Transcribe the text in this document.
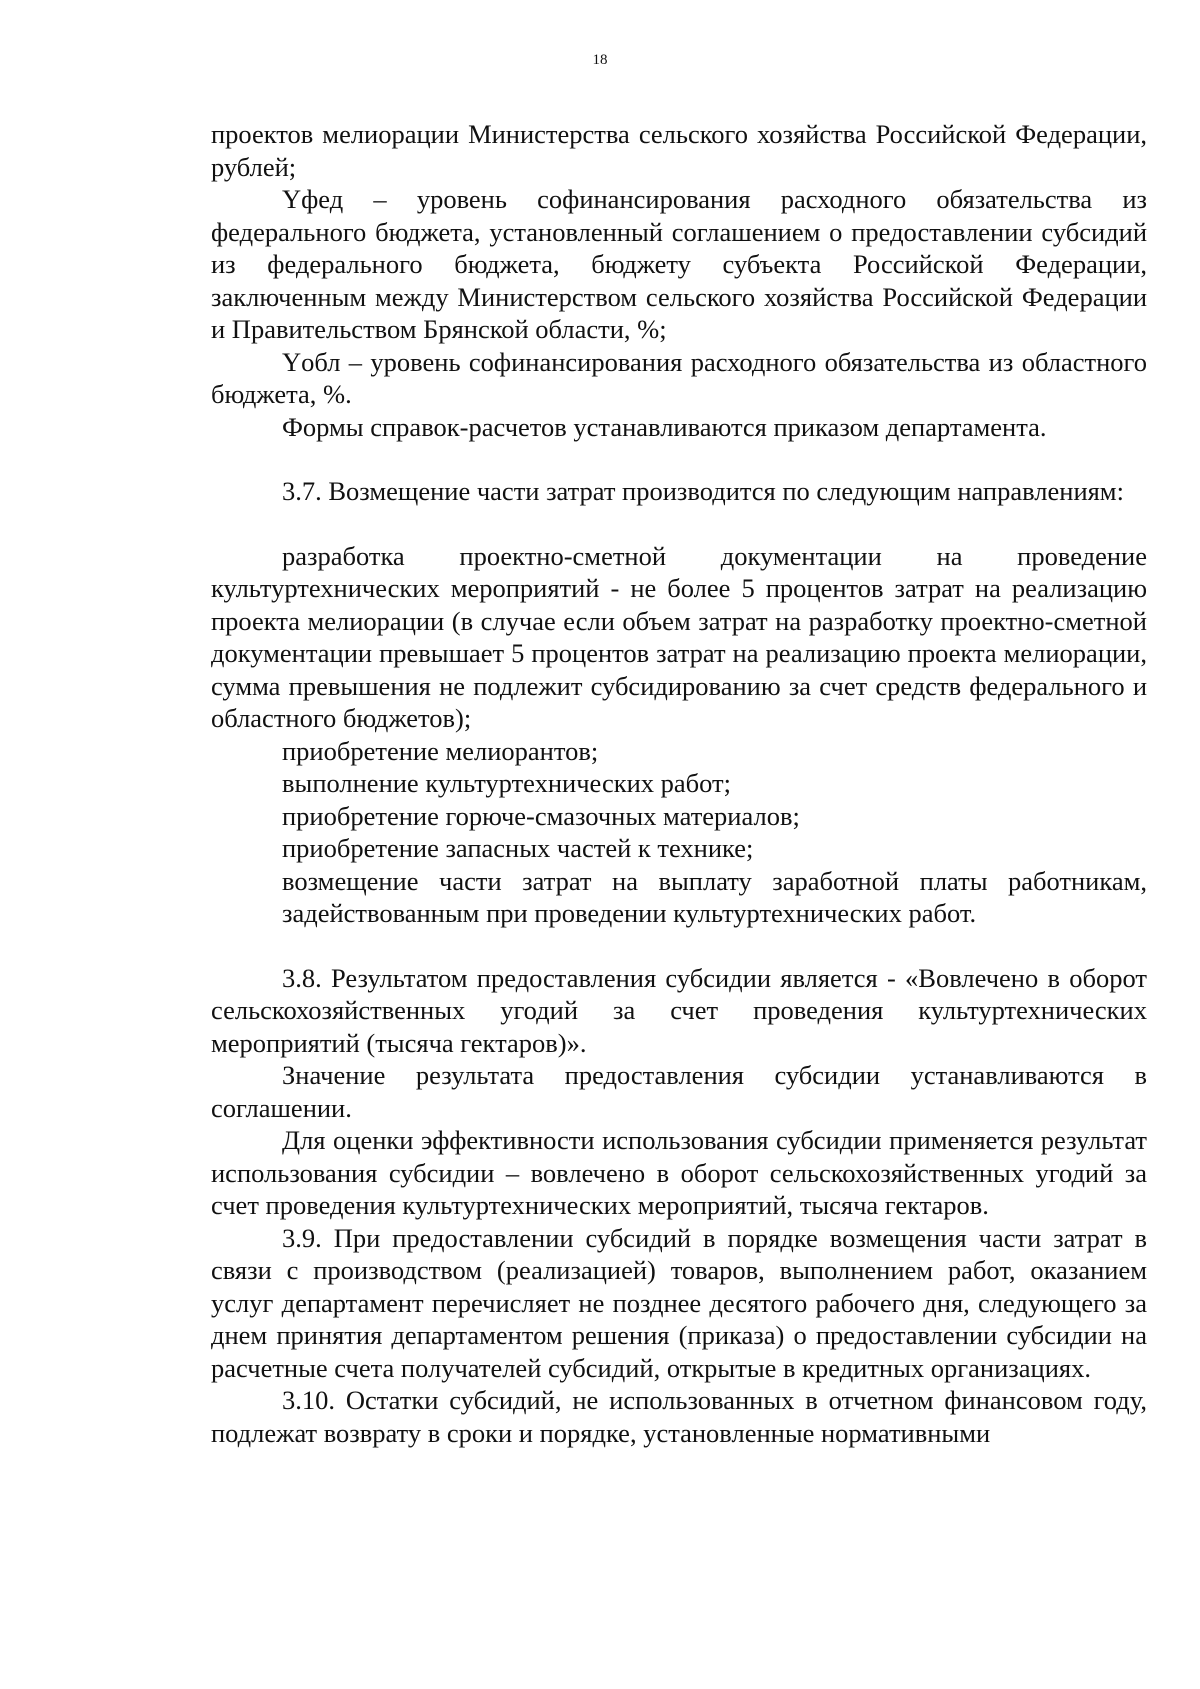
18

проектов мелиорации Министерства сельского хозяйства Российской Федерации, рублей;

Yфед – уровень софинансирования расходного обязательства из федерального бюджета, установленный соглашением о предоставлении субсидий из федерального бюджета, бюджету субъекта Российской Федерации, заключенным между Министерством сельского хозяйства Российской Федерации и Правительством Брянской области, %;

Yобл – уровень софинансирования расходного обязательства из областного бюджета, %.

Формы справок-расчетов устанавливаются приказом департамента.

3.7. Возмещение части затрат производится по следующим направлениям:

разработка проектно-сметной документации на проведение культуртехнических мероприятий - не более 5 процентов затрат на реализацию проекта мелиорации (в случае если объем затрат на разработку проектно-сметной документации превышает 5 процентов затрат на реализацию проекта мелиорации, сумма превышения не подлежит субсидированию за счет средств федерального и областного бюджетов);

приобретение мелиорантов;

выполнение культуртехнических работ;

приобретение горюче-смазочных материалов;

приобретение запасных частей к технике;

возмещение части затрат на выплату заработной платы работникам, задействованным при проведении культуртехнических работ.

3.8. Результатом предоставления субсидии является - «Вовлечено в оборот сельскохозяйственных угодий за счет проведения культуртехнических мероприятий (тысяча гектаров)».

Значение результата предоставления субсидии устанавливаются в соглашении.

Для оценки эффективности использования субсидии применяется результат использования субсидии – вовлечено в оборот сельскохозяйственных угодий за счет проведения культуртехнических мероприятий, тысяча гектаров.

3.9. При предоставлении субсидий в порядке возмещения части затрат в связи с производством (реализацией) товаров, выполнением работ, оказанием услуг департамент перечисляет не позднее десятого рабочего дня, следующего за днем принятия департаментом решения (приказа) о предоставлении субсидии на расчетные счета получателей субсидий, открытые в кредитных организациях.

3.10. Остатки субсидий, не использованных в отчетном финансовом году, подлежат возврату в сроки и порядке, установленные нормативными
